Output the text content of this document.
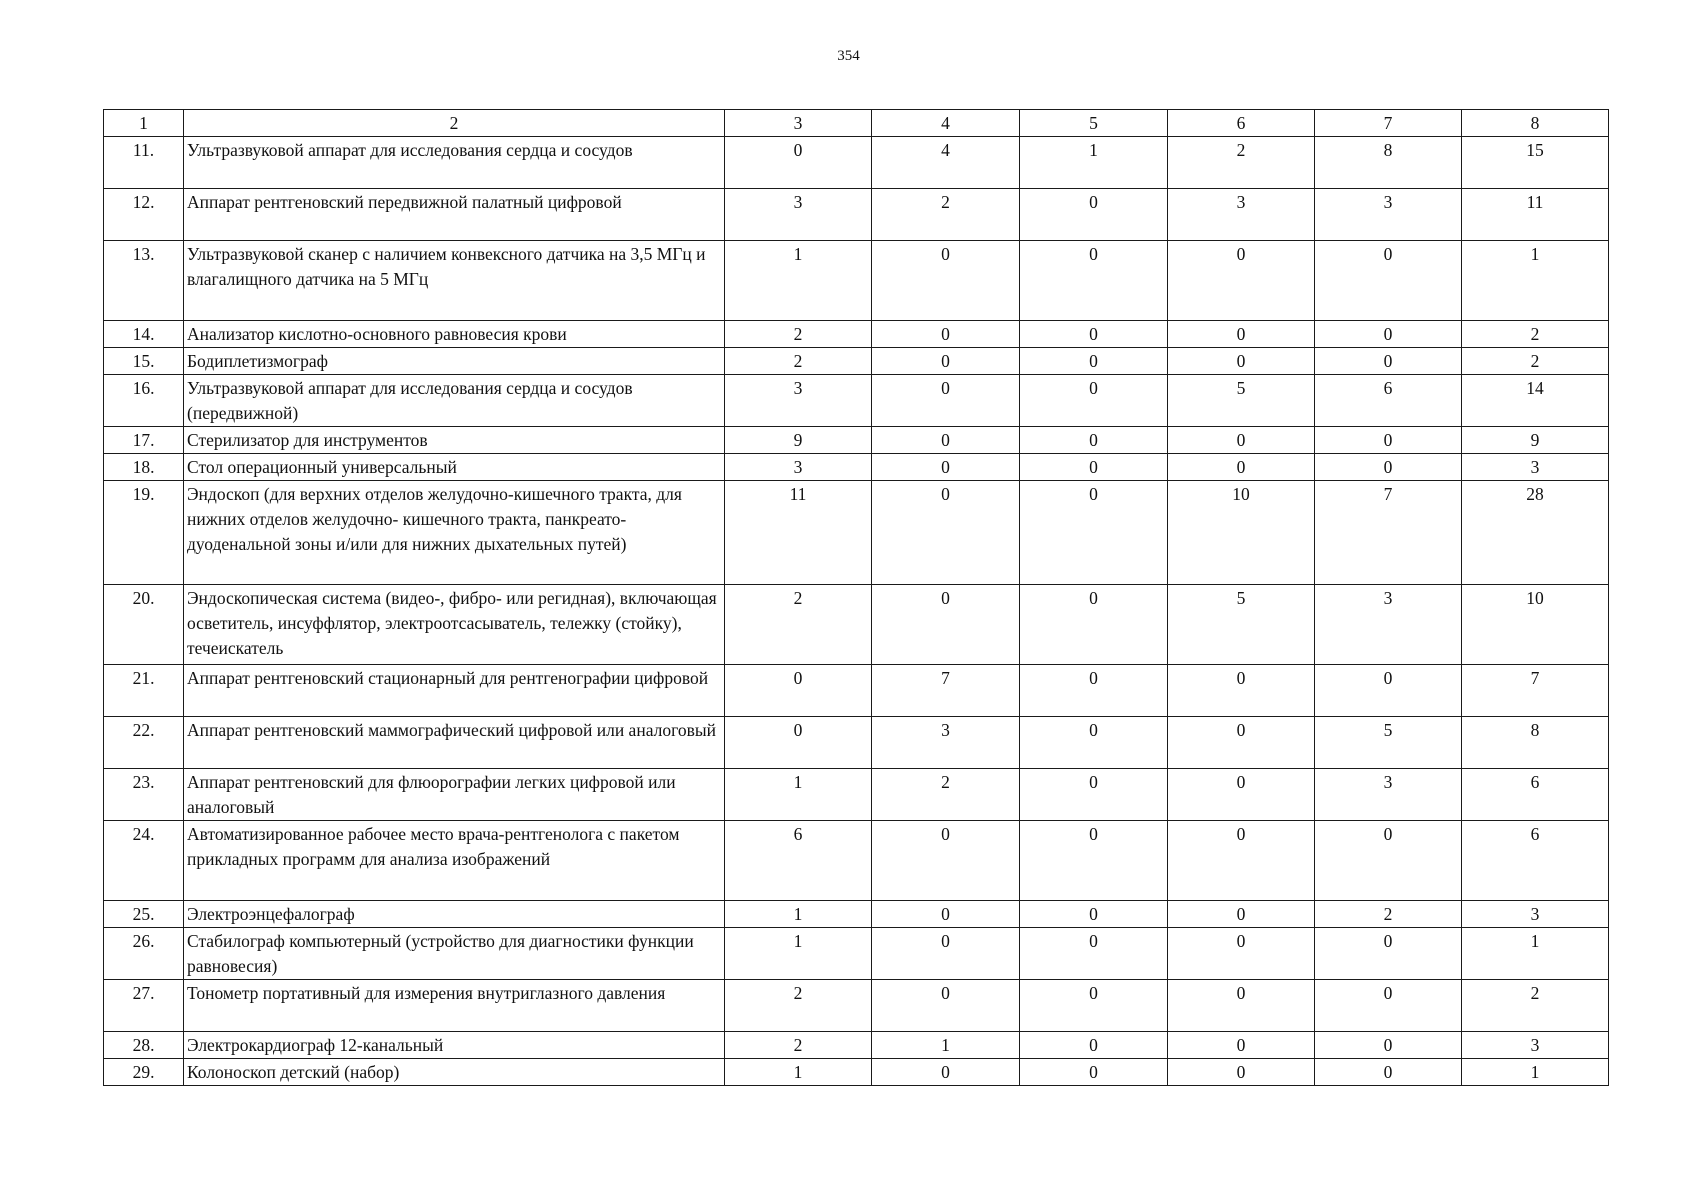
354
1	2	3	4	5	6	7	8
11.	Ультразвуковой аппарат для исследования сердца и сосудов	0	4	1	2	8	15
12.	Аппарат рентгеновский передвижной палатный цифровой	3	2	0	3	3	11
13.	Ультразвуковой сканер с наличием конвексного датчика на 3,5 МГц и влагалищного датчика на 5 МГц	1	0	0	0	0	1
14.	Анализатор кислотно-основного равновесия крови	2	0	0	0	0	2
15.	Бодиплетизмограф	2	0	0	0	0	2
16.	Ультразвуковой аппарат для исследования сердца и сосудов (передвижной)	3	0	0	5	6	14
17.	Стерилизатор для инструментов	9	0	0	0	0	9
18.	Стол операционный универсальный	3	0	0	0	0	3
19.	Эндоскоп (для верхних отделов желудочно-кишечного тракта, для нижних отделов желудочно- кишечного тракта, панкреато-дуоденальной зоны и/или для нижних дыхательных путей)	11	0	0	10	7	28
20.	Эндоскопическая система (видео-, фибро- или регидная), включающая осветитель, инсуффлятор, электроотсасыватель, тележку (стойку), течеискатель	2	0	0	5	3	10
21.	Аппарат рентгеновский стационарный для рентгенографии цифровой	0	7	0	0	0	7
22.	Аппарат рентгеновский маммографический цифровой или аналоговый	0	3	0	0	5	8
23.	Аппарат рентгеновский для флюорографии легких цифровой или аналоговый	1	2	0	0	3	6
24.	Автоматизированное рабочее место врача-рентгенолога с пакетом прикладных программ для анализа изображений	6	0	0	0	0	6
25.	Электроэнцефалограф	1	0	0	0	2	3
26.	Стабилограф компьютерный (устройство для диагностики функции равновесия)	1	0	0	0	0	1
27.	Тонометр портативный для измерения внутриглазного давления	2	0	0	0	0	2
28.	Электрокардиограф 12-канальный	2	1	0	0	0	3
29.	Колоноскоп детский (набор)	1	0	0	0	0	1
